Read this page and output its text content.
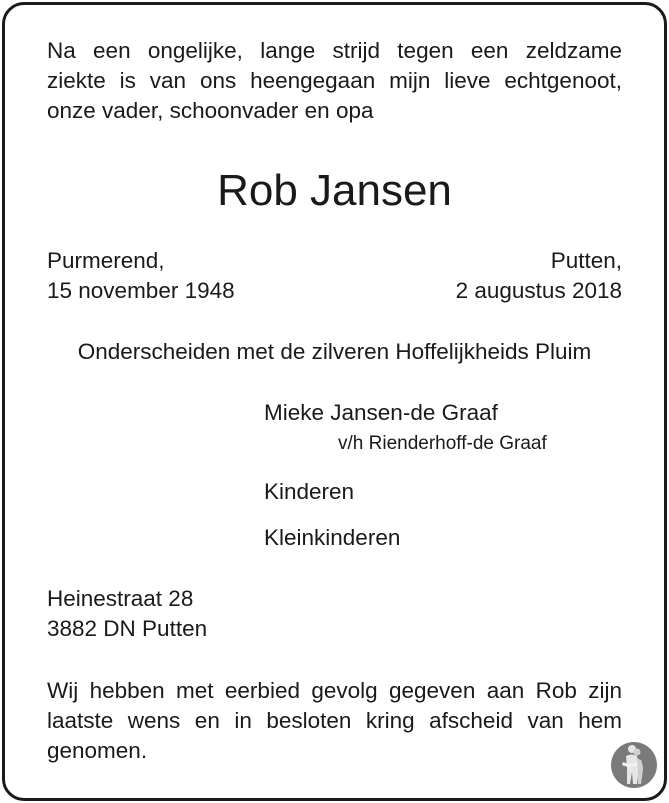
Na een ongelijke, lange strijd tegen een zeldzame
ziekte is van ons heengegaan mijn lieve echtgenoot,
onze vader, schoonvader en opa
Rob Jansen
Purmerend,
15 november 1948
Putten,
2 augustus 2018
Onderscheiden met de zilveren Hoffelijkheids Pluim
Mieke Jansen-de Graaf
v/h Rienderhoff-de Graaf
Kinderen
Kleinkinderen
Heinestraat 28
3882 DN Putten
Wij hebben met eerbied gevolg gegeven aan Rob zijn
laatste wens en in besloten kring afscheid van hem
genomen.
